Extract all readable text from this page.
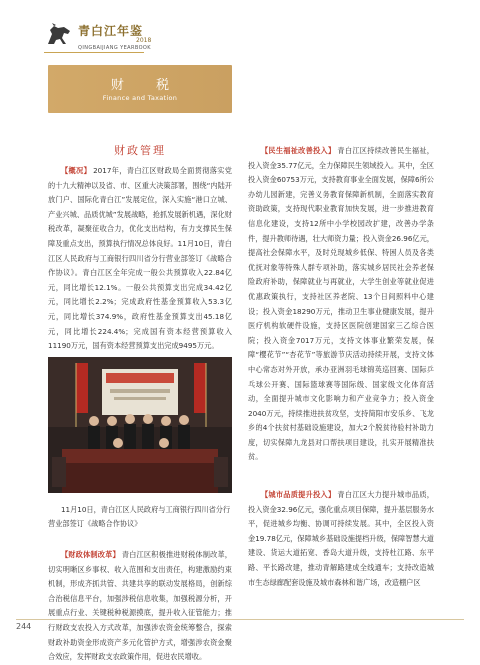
青白江年鉴
2018
QINGBAIJIANG YEARBOOK
财 税
Finance and Taxation
财政管理

【概况】 2017年，青白江区财政局全面贯彻落实党的十九大精神以及省、市、区重大决策部署，围绕“内陆开放门户、国际化青白江”发展定位，深入实施“港口立城、产业兴城、品质优城”发展战略，抢抓发展新机遇，深化财税改革，凝聚征收合力，优化支出结构，有力支撑民生保障及重点支出，预算执行情况总体良好。11月10日，青白江区人民政府与工商银行四川省分行营业部签订《战略合作协议》。青白江区全年完成一般公共预算收入22.84亿元，同比增长12.1%。一般公共预算支出完成34.42亿元，同比增长2.2%；完成政府性基金预算收入53.3亿元，同比增长374.9%，政府性基金预算支出45.18亿元，同比增长224.4%；完成国有资本经营预算收入11190万元，国有资本经营预算支出完成9495万元。

11月10日，青白江区人民政府与工商银行四川省分行营业部签订《战略合作协议》

【财政体制改革】 青白江区积极推进财税体制改革，切实明晰区乡事权、收入范围和支出责任，构建激励约束机制，形成齐抓共管、共建共享的联动发展格局，创新综合治税信息平台，加强涉税信息收集，加强税源分析，开展重点行业、关键税种税源摸底，提升收入征管能力；推行财政支农投入方式改革，加强涉农资金统筹整合，探索财政补助资金形成资产多元化管护方式，增强涉农资金聚合效应，发挥财政支农政策作用，促进农民增收。

【民生福祉改善投入】 青白江区持续改善民生福祉，投入资金35.77亿元，全力保障民生领域投入。其中，全区投入资金60753万元，支持教育事业全面发展，保障6所公办幼儿园新建，完善义务教育保障新机制，全面落实教育资助政策，支持现代职业教育加快发展，进一步推进教育信息化建设，支持12所中小学校园改扩建，改善办学条件，提升教师待遇，壮大师资力量；投入资金26.96亿元，提高社会保障水平，及时兑现城乡低保、特困人员及各类优抚对象等特殊人群专项补助，落实城乡居民社会养老保险政府补助，保障就业与再就业，大学生创业等就业促进优惠政策执行，支持社区养老院、13个日间照料中心建设；投入资金18290万元，推动卫生事业健康发展，提升医疗机构软硬件设施，支持区医院创建国家三乙综合医院；投入资金7017万元，支持文体事业繁荣发展，保障“樱花节”“杏花节”等旅游节庆活动持续开展，支持文体中心常态对外开放，承办亚洲羽毛球锦英巡回赛、国际乒乓球公开赛、国际篮球赛等国际级、国家级文化体育活动，全面提升城市文化影响力和产业竞争力；投入资金2040万元，持续推进扶贫攻坚，支持简阳市安乐乡、飞龙乡的4个扶贫村基础设施建设，加大2个脱贫待验村补助力度，切实保障九龙县对口帮扶项目建设，扎实开展精准扶贫。

【城市品质提升投入】 青白江区大力提升城市品质，投入资金32.96亿元，强化重点项目保障，提升基层服务水平，促进城乡均衡、协调可持续发展。其中，全区投入资金19.78亿元，保障城乡基础设施提档升级，保障智慧大道建设、货运大道拓宽、香岛大道升级，支持杜江路、东平路、平长路改建，推动青解路建成全线通车；支持改造城市生态绿廊配套设施及城市森林和谐广场，改造棚户区

244
